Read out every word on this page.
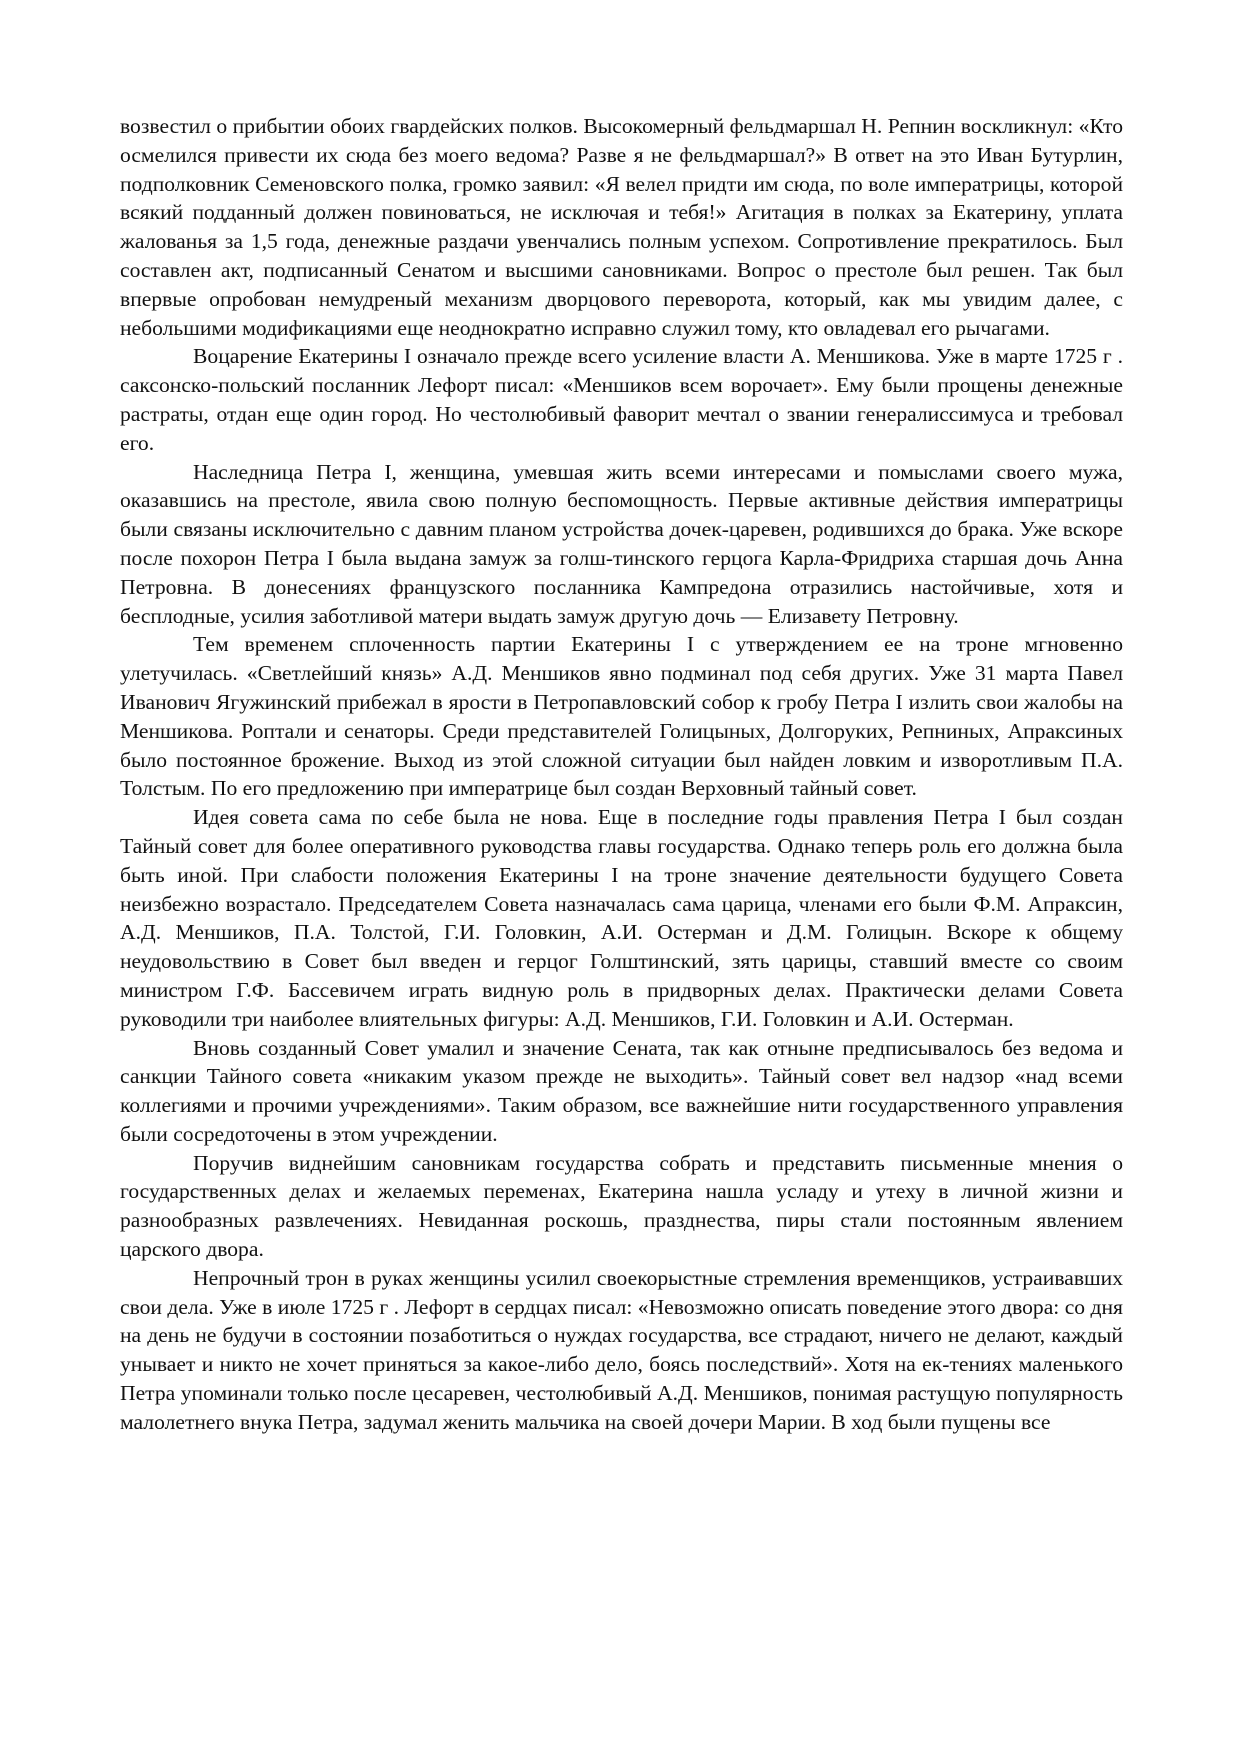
возвестил о прибытии обоих гвардейских полков. Высокомерный фельдмаршал Н. Репнин воскликнул: «Кто осмелился привести их сюда без моего ведома? Разве я не фельдмаршал?» В ответ на это Иван Бутурлин, подполковник Семеновского полка, громко заявил: «Я велел придти им сюда, по воле императрицы, которой всякий подданный должен повиноваться, не исключая и тебя!» Агитация в полках за Екатерину, уплата жалованья за 1,5 года, денежные раздачи увенчались полным успехом. Сопротивление прекратилось. Был составлен акт, подписанный Сенатом и высшими сановниками. Вопрос о престоле был решен. Так был впервые опробован немудреный механизм дворцового переворота, который, как мы увидим далее, с небольшими модификациями еще неоднократно исправно служил тому, кто овладевал его рычагами.

Воцарение Екатерины I означало прежде всего усиление власти А. Меншикова. Уже в марте 1725 г . саксонско-польский посланник Лефорт писал: «Меншиков всем ворочает». Ему были прощены денежные растраты, отдан еще один город. Но честолюбивый фаворит мечтал о звании генералиссимуса и требовал его.

Наследница Петра I, женщина, умевшая жить всеми интересами и помыслами своего мужа, оказавшись на престоле, явила свою полную беспомощность. Первые активные действия императрицы были связаны исключительно с давним планом устройства дочек-царевен, родившихся до брака. Уже вскоре после похорон Петра I была выдана замуж за голш-тинского герцога Карла-Фридриха старшая дочь Анна Петровна. В донесениях французского посланника Кампредона отразились настойчивые, хотя и бесплодные, усилия заботливой матери выдать замуж другую дочь — Елизавету Петровну.

Тем временем сплоченность партии Екатерины I с утверждением ее на троне мгновенно улетучилась. «Светлейший князь» А.Д. Меншиков явно подминал под себя других. Уже 31 марта Павел Иванович Ягужинский прибежал в ярости в Петропавловский собор к гробу Петра I излить свои жалобы на Меншикова. Роптали и сенаторы. Среди представителей Голицыных, Долгоруких, Репниных, Апраксиных было постоянное брожение. Выход из этой сложной ситуации был найден ловким и изворотливым П.А. Толстым. По его предложению при императрице был создан Верховный тайный совет.

Идея совета сама по себе была не нова. Еще в последние годы правления Петра I был создан Тайный совет для более оперативного руководства главы государства. Однако теперь роль его должна была быть иной. При слабости положения Екатерины I на троне значение деятельности будущего Совета неизбежно возрастало. Председателем Совета назначалась сама царица, членами его были Ф.М. Апраксин, А.Д. Меншиков, П.А. Толстой, Г.И. Головкин, А.И. Остерман и Д.М. Голицын. Вскоре к общему неудовольствию в Совет был введен и герцог Голштинский, зять царицы, ставший вместе со своим министром Г.Ф. Бассевичем играть видную роль в придворных делах. Практически делами Совета руководили три наиболее влиятельных фигуры: А.Д. Меншиков, Г.И. Головкин и А.И. Остерман.

Вновь созданный Совет умалил и значение Сената, так как отныне предписывалось без ведома и санкции Тайного совета «никаким указом прежде не выходить». Тайный совет вел надзор «над всеми коллегиями и прочими учреждениями». Таким образом, все важнейшие нити государственного управления были сосредоточены в этом учреждении.

Поручив виднейшим сановникам государства собрать и представить письменные мнения о государственных делах и желаемых переменах, Екатерина нашла усладу и утеху в личной жизни и разнообразных развлечениях. Невиданная роскошь, празднества, пиры стали постоянным явлением царского двора.

Непрочный трон в руках женщины усилил своекорыстные стремления временщиков, устраивавших свои дела. Уже в июле 1725 г . Лефорт в сердцах писал: «Невозможно описать поведение этого двора: со дня на день не будучи в состоянии позаботиться о нуждах государства, все страдают, ничего не делают, каждый унывает и никто не хочет приняться за какое-либо дело, боясь последствий». Хотя на ек-тениях маленького Петра упоминали только после цесаревен, честолюбивый А.Д. Меншиков, понимая растущую популярность малолетнего внука Петра, задумал женить мальчика на своей дочери Марии. В ход были пущены все
